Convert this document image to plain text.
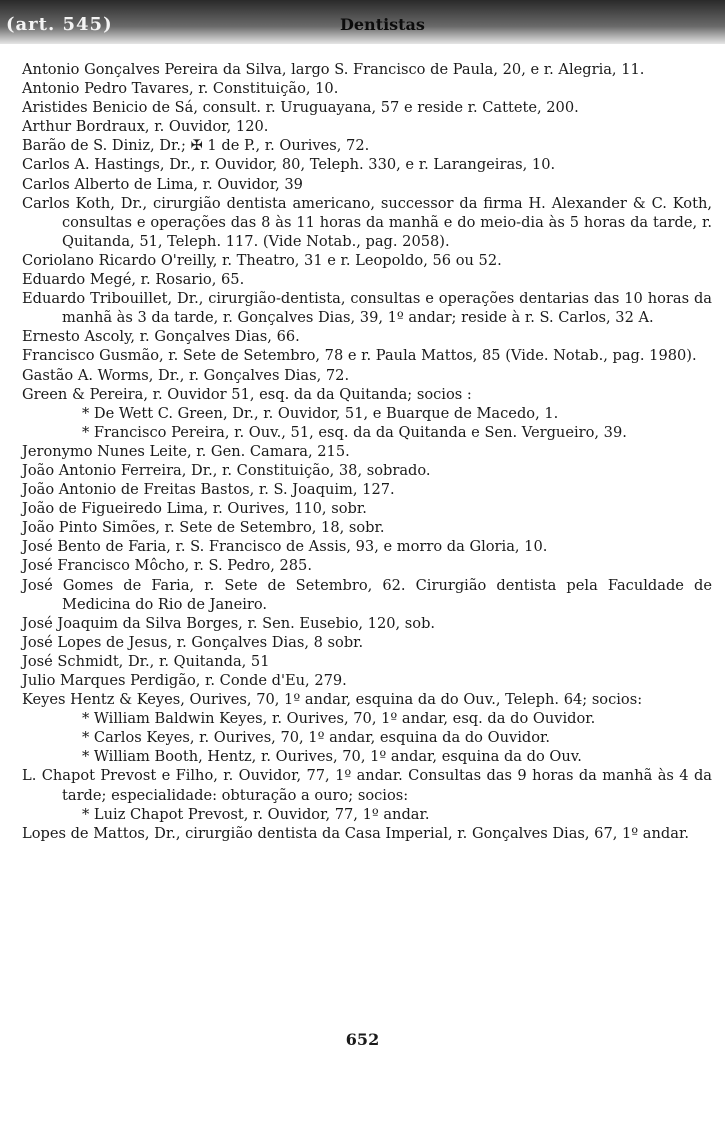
(art. 545)	Dentistas
Antonio Gonçalves Pereira da Silva, largo S. Francisco de Paula, 20, e r. Alegria, 11.
Antonio Pedro Tavares, r. Constituição, 10.
Aristides Benicio de Sá, consult. r. Uruguayana, 57 e reside r. Cattete, 200.
Arthur Bordraux, r. Ouvidor, 120.
Barão de S. Diniz, Dr.; ✠ 1 de P., r. Ourives, 72.
Carlos A. Hastings, Dr., r. Ouvidor, 80, Teleph. 330, e r. Larangeiras, 10.
Carlos Alberto de Lima, r. Ouvidor, 39
Carlos Koth, Dr., cirurgião dentista americano, successor da firma H. Alexander & C. Koth, consultas e operações das 8 às 11 horas da manhã e do meio-dia às 5 horas da tarde, r. Quitanda, 51, Teleph. 117. (Vide Notab., pag. 2058).
Coriolano Ricardo O'reilly, r. Theatro, 31 e r. Leopoldo, 56 ou 52.
Eduardo Megé, r. Rosario, 65.
Eduardo Tribouillet, Dr., cirurgião-dentista, consultas e operações dentarias das 10 horas da manhã às 3 da tarde, r. Gonçalves Dias, 39, 1º andar; reside à r. S. Carlos, 32 A.
Ernesto Ascoly, r. Gonçalves Dias, 66.
Francisco Gusmão, r. Sete de Setembro, 78 e r. Paula Mattos, 85 (Vide. Notab., pag. 1980).
Gastão A. Worms, Dr., r. Gonçalves Dias, 72.
Green & Pereira, r. Ouvidor 51, esq. da da Quitanda; socios :
* De Wett C. Green, Dr., r. Ouvidor, 51, e Buarque de Macedo, 1.
* Francisco Pereira, r. Ouv., 51, esq. da da Quitanda e Sen. Vergueiro, 39.
Jeronymo Nunes Leite, r. Gen. Camara, 215.
João Antonio Ferreira, Dr., r. Constituição, 38, sobrado.
João Antonio de Freitas Bastos, r. S. Joaquim, 127.
João de Figueiredo Lima, r. Ourives, 110, sobr.
João Pinto Simões, r. Sete de Setembro, 18, sobr.
José Bento de Faria, r. S. Francisco de Assis, 93, e morro da Gloria, 10.
José Francisco Môcho, r. S. Pedro, 285.
José Gomes de Faria, r. Sete de Setembro, 62. Cirurgião dentista pela Faculdade de Medicina do Rio de Janeiro.
José Joaquim da Silva Borges, r. Sen. Eusebio, 120, sob.
José Lopes de Jesus, r. Gonçalves Dias, 8 sobr.
José Schmidt, Dr., r. Quitanda, 51
Julio Marques Perdigão, r. Conde d'Eu, 279.
Keyes Hentz & Keyes, Ourives, 70, 1º andar, esquina da do Ouv., Teleph. 64; socios:
* William Baldwin Keyes, r. Ourives, 70, 1º andar, esq. da do Ouvidor.
* Carlos Keyes, r. Ourives, 70, 1º andar, esquina da do Ouvidor.
* William Booth, Hentz, r. Ourives, 70, 1º andar, esquina da do Ouv.
L. Chapot Prevost e Filho, r. Ouvidor, 77, 1º andar. Consultas das 9 horas da manhã às 4 da tarde; especialidade: obturação a ouro; socios:
* Luiz Chapot Prevost, r. Ouvidor, 77, 1º andar.
Lopes de Mattos, Dr., cirurgião dentista da Casa Imperial, r. Gonçalves Dias, 67, 1º andar.
652
